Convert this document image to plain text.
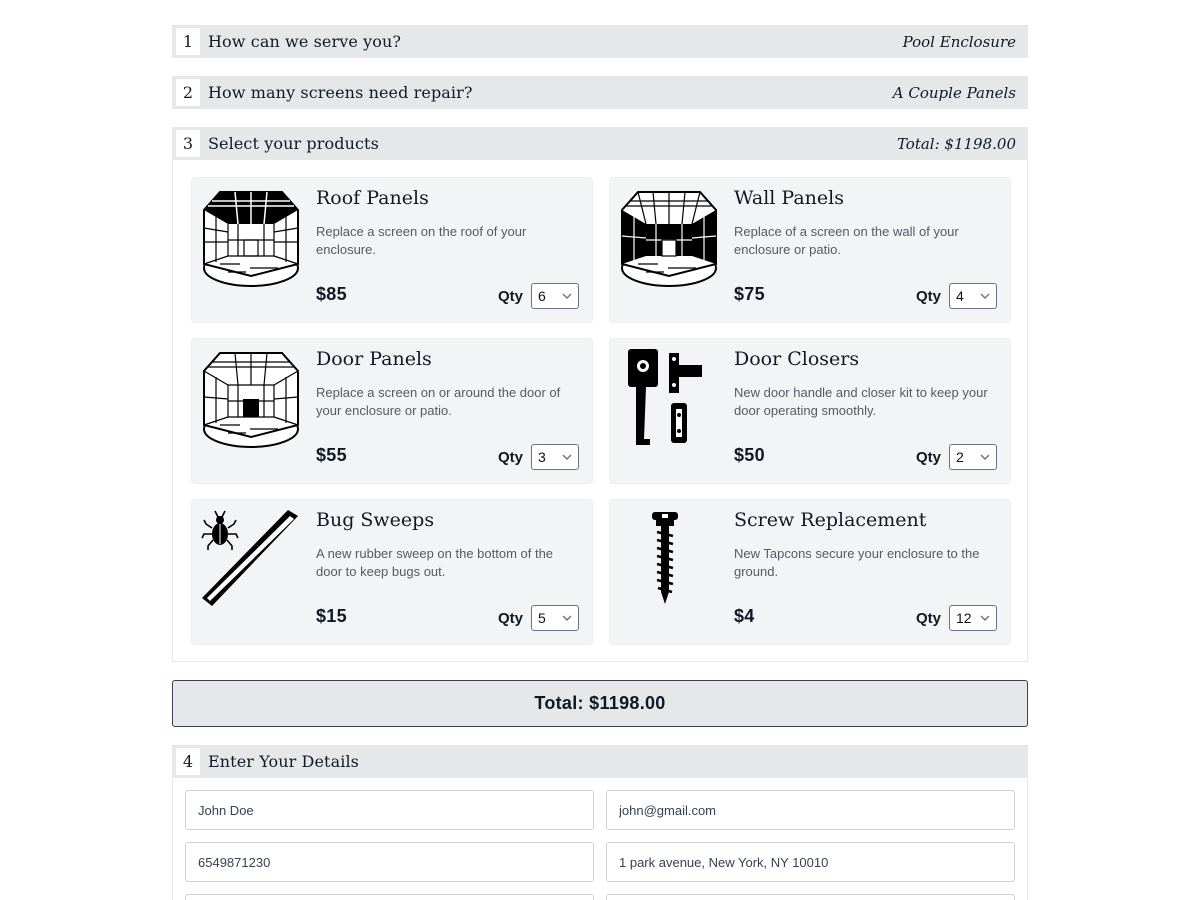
1 How can we serve you?	Pool Enclosure
2 How many screens need repair?	A Couple Panels
3 Select your products	Total: $1198.00
Roof Panels
Replace a screen on the roof of your enclosure.
$85	Qty 6
Wall Panels
Replace of a screen on the wall of your enclosure or patio.
$75	Qty 4
Door Panels
Replace a screen on or around the door of your enclosure or patio.
$55	Qty 3
Door Closers
New door handle and closer kit to keep your door operating smoothly.
$50	Qty 2
Bug Sweeps
A new rubber sweep on the bottom of the door to keep bugs out.
$15	Qty 5
Screw Replacement
New Tapcons secure your enclosure to the ground.
$4	Qty 12
Total: $1198.00
4 Enter Your Details
John Doe
john@gmail.com
6549871230
1 park avenue, New York, NY 10010
